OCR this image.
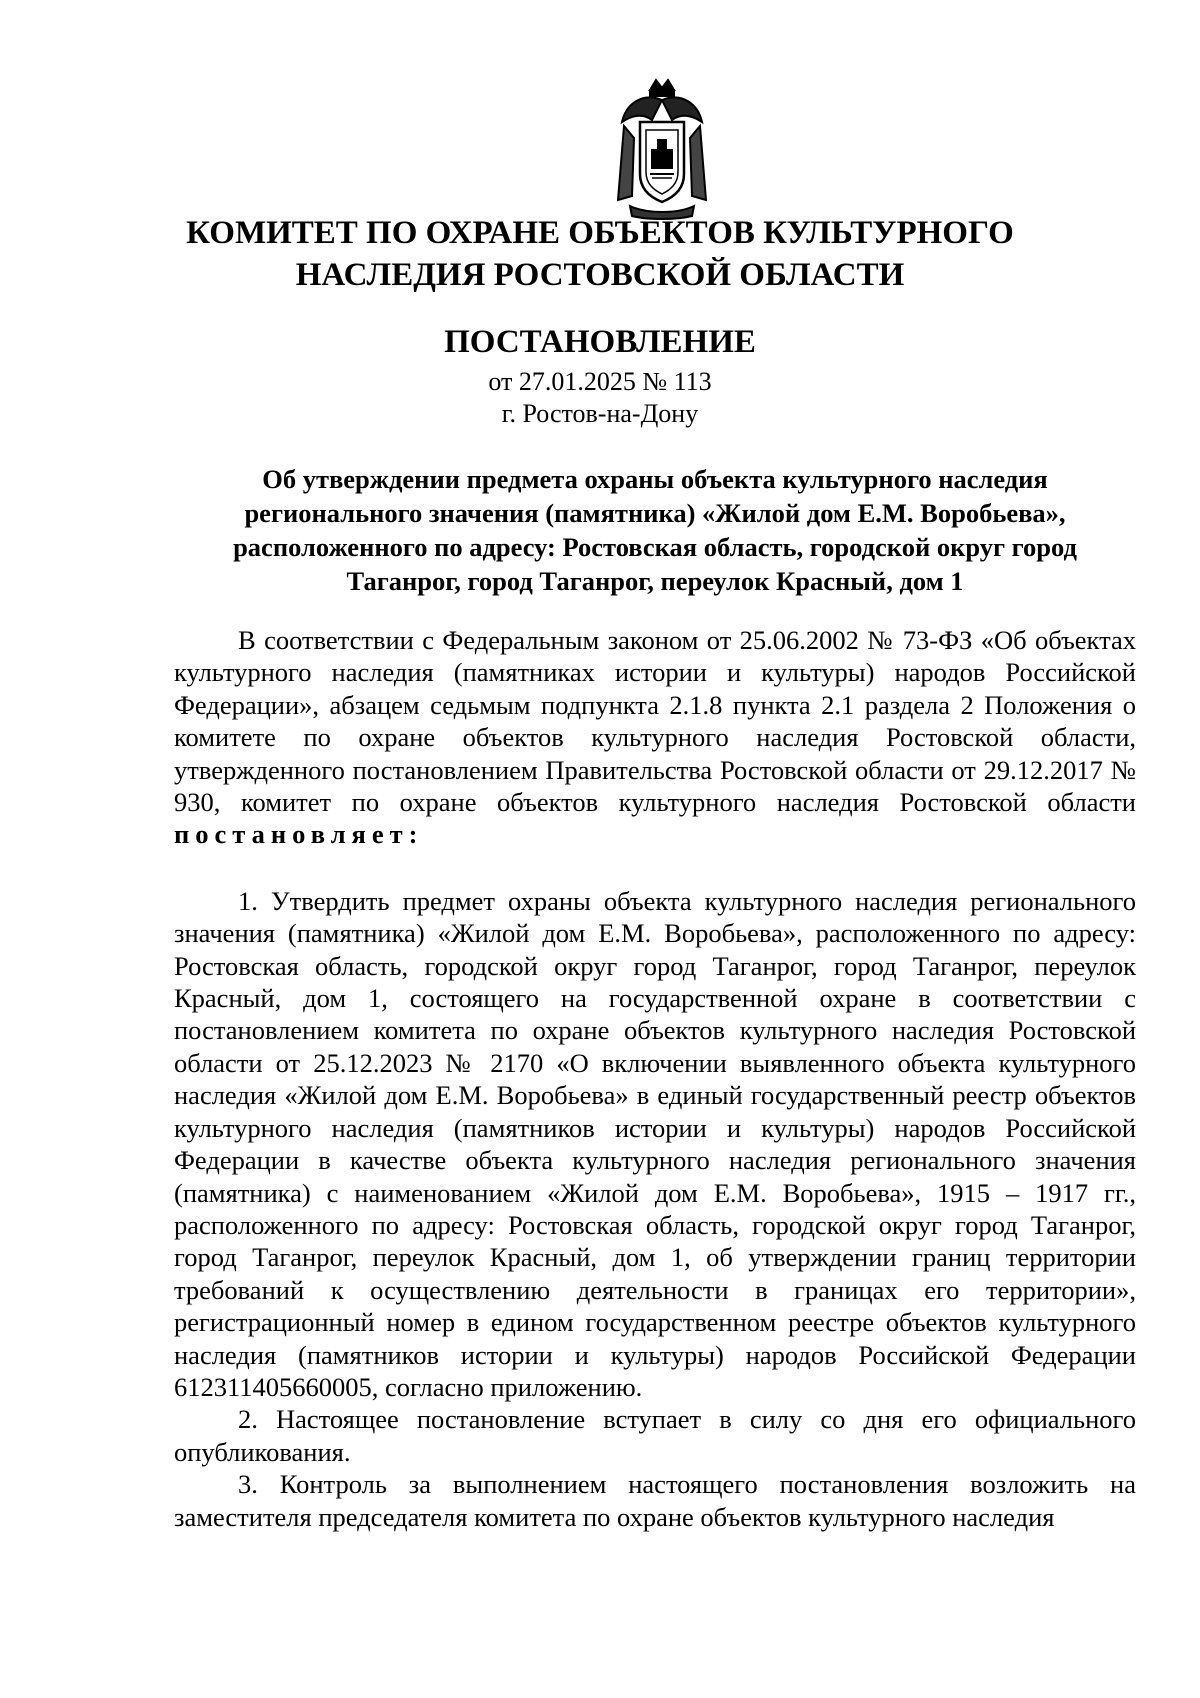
КОМИТЕТ ПО ОХРАНЕ ОБЪЕКТОВ КУЛЬТУРНОГО
НАСЛЕДИЯ РОСТОВСКОЙ ОБЛАСТИ
ПОСТАНОВЛЕНИЕ
от 27.01.2025 № 113
г. Ростов-на-Дону
Об утверждении предмета охраны объекта культурного наследия
регионального значения (памятника) «Жилой дом Е.М. Воробьева»,
расположенного по адресу: Ростовская область, городской округ город
Таганрог, город Таганрог, переулок Красный, дом 1

В соответствии с Федеральным законом от 25.06.2002 № 73-ФЗ «Об объектах культурного наследия (памятниках истории и культуры) народов Российской Федерации», абзацем седьмым подпункта 2.1.8 пункта 2.1 раздела 2 Положения о комитете по охране объектов культурного наследия Ростовской области, утвержденного постановлением Правительства Ростовской области от 29.12.2017 № 930, комитет по охране объектов культурного наследия Ростовской области постановляет:

1. Утвердить предмет охраны объекта культурного наследия регионального значения (памятника) «Жилой дом Е.М. Воробьева», расположенного по адресу: Ростовская область, городской округ город Таганрог, город Таганрог, переулок Красный, дом 1, состоящего на государственной охране в соответствии с постановлением комитета по охране объектов культурного наследия Ростовской области от 25.12.2023 № 2170 «О включении выявленного объекта культурного наследия «Жилой дом Е.М. Воробьева» в единый государственный реестр объектов культурного наследия (памятников истории и культуры) народов Российской Федерации в качестве объекта культурного наследия регионального значения (памятника) с наименованием «Жилой дом Е.М. Воробьева», 1915 – 1917 гг., расположенного по адресу: Ростовская область, городской округ город Таганрог, город Таганрог, переулок Красный, дом 1, об утверждении границ территории требований к осуществлению деятельности в границах его территории», регистрационный номер в едином государственном реестре объектов культурного наследия (памятников истории и культуры) народов Российской Федерации 612311405660005, согласно приложению.

2. Настоящее постановление вступает в силу со дня его официального опубликования.

3. Контроль за выполнением настоящего постановления возложить на заместителя председателя комитета по охране объектов культурного наследия
